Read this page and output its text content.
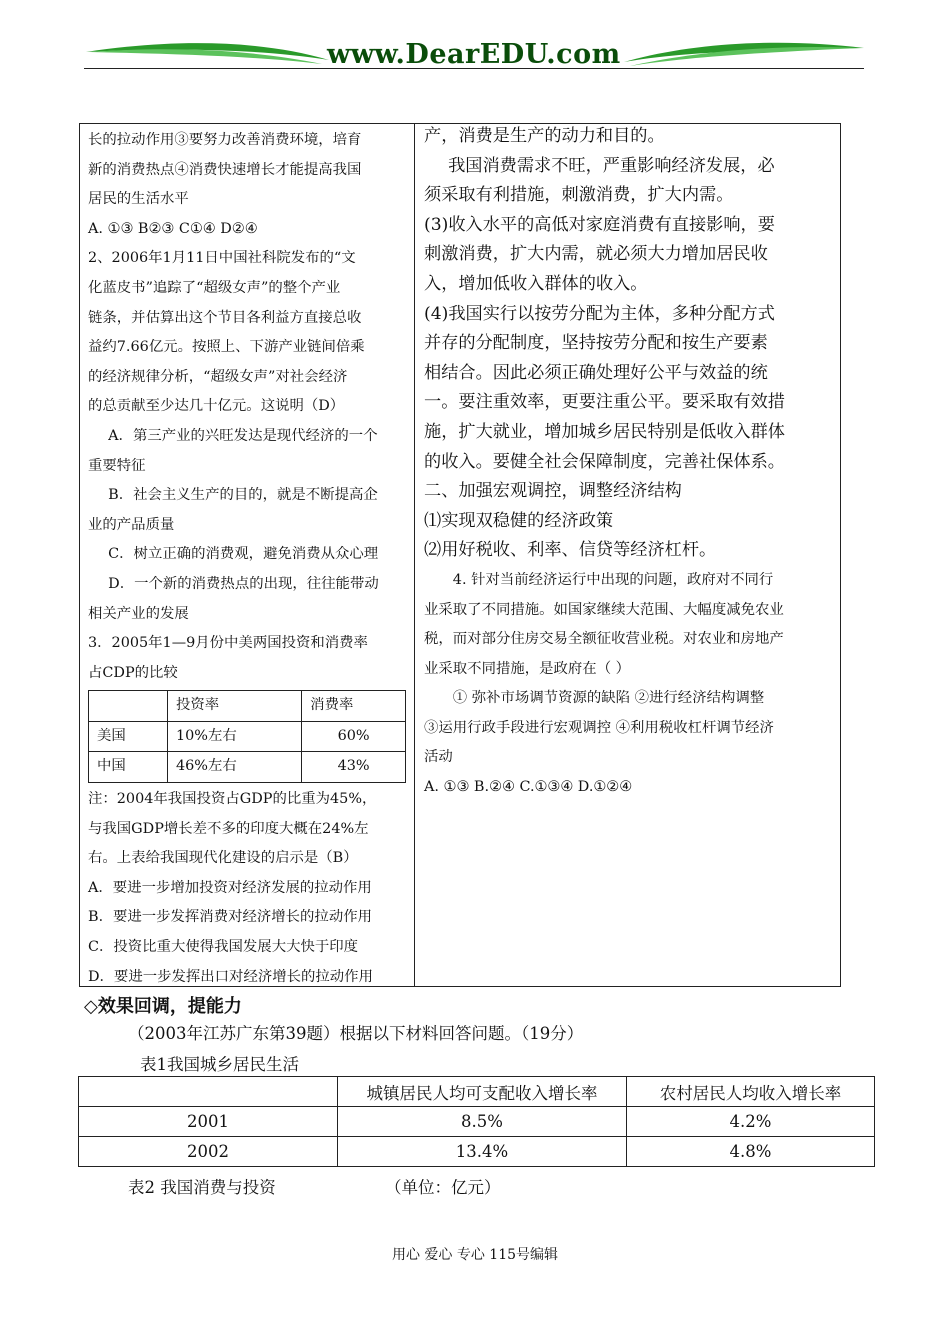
www.DearEDU.com

长的拉动作用③要努力改善消费环境，培育

新的消费热点④消费快速增长才能提高我国

居民的生活水平

A. ①③ B②③ C①④ D②④

2、2006年1月11日中国社科院发布的“文

化蓝皮书”追踪了“超级女声”的整个产业

链条，并估算出这个节目各利益方直接总收

益约7.66亿元。按照上、下游产业链间倍乘

的经济规律分析，“超级女声”对社会经济

的总贡献至少达几十亿元。这说明（D）

A．第三产业的兴旺发达是现代经济的一个

重要特征

B．社会主义生产的目的，就是不断提高企

业的产品质量

C．树立正确的消费观，避免消费从众心理

D．一个新的消费热点的出现，往往能带动

相关产业的发展

3．2005年1—9月份中美两国投资和消费率

占CDP的比较

	投资率	消费率
美国	10%左右	60%
中国	46%左右	43%

注：2004年我国投资占GDP的比重为45%，

与我国GDP增长差不多的印度大概在24%左

右。上表给我国现代化建设的启示是（B）

A．要进一步增加投资对经济发展的拉动作用

B．要进一步发挥消费对经济增长的拉动作用

C．投资比重大使得我国发展大大快于印度

D．要进一步发挥出口对经济增长的拉动作用

产，消费是生产的动力和目的。

我国消费需求不旺，严重影响经济发展，必

须采取有利措施，刺激消费，扩大内需。

(3)收入水平的高低对家庭消费有直接影响，要

刺激消费，扩大内需，就必须大力增加居民收

入，增加低收入群体的收入。

(4)我国实行以按劳分配为主体，多种分配方式

并存的分配制度，坚持按劳分配和按生产要素

相结合。因此必须正确处理好公平与效益的统

一。要注重效率，更要注重公平。要采取有效措

施，扩大就业，增加城乡居民特别是低收入群体

的收入。要健全社会保障制度，完善社保体系。

二、加强宏观调控，调整经济结构

⑴实现双稳健的经济政策

⑵用好税收、利率、信贷等经济杠杆。

4. 针对当前经济运行中出现的问题，政府对不同行

业采取了不同措施。如国家继续大范围、大幅度减免农业

税，而对部分住房交易全额征收营业税。对农业和房地产

业采取不同措施，是政府在（ ）

① 弥补市场调节资源的缺陷 ②进行经济结构调整

③运用行政手段进行宏观调控 ④利用税收杠杆调节经济

活动

A. ①③ B.②④ C.①③④ D.①②④

◇效果回调，提能力
（2003年江苏广东第39题）根据以下材料回答问题。（19分）
表1我国城乡居民生活
	城镇居民人均可支配收入增长率	农村居民人均收入增长率
2001	8.5%	4.2%
2002	13.4%	4.8%
表2 我国消费与投资	（单位：亿元）
用心 爱心 专心 115号编辑
